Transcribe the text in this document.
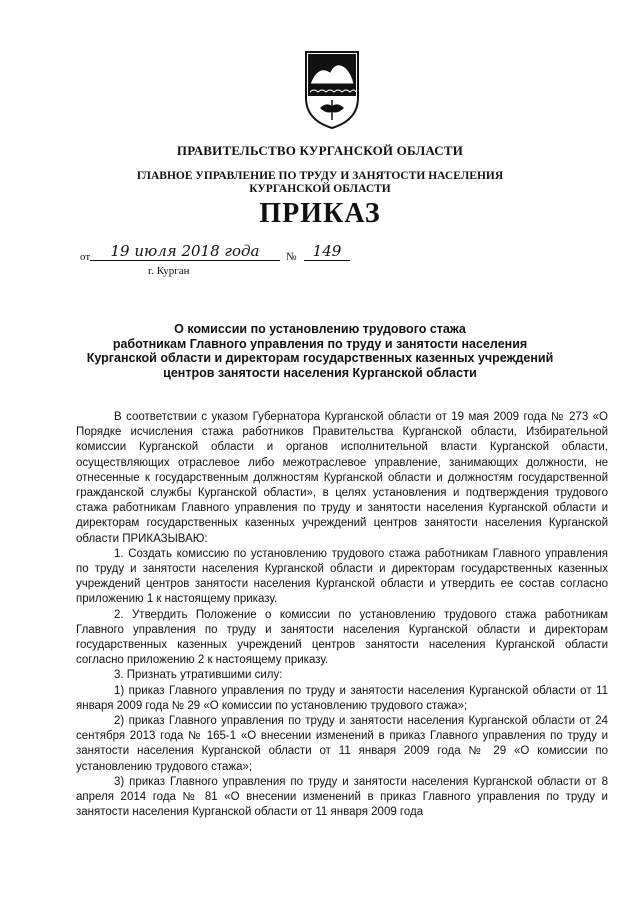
ПРАВИТЕЛЬСТВО КУРГАНСКОЙ ОБЛАСТИ
ГЛАВНОЕ УПРАВЛЕНИЕ ПО ТРУДУ И ЗАНЯТОСТИ НАСЕЛЕНИЯ
КУРГАНСКОЙ ОБЛАСТИ
ПРИКАЗ
от	19 июля 2018 года	№	149
г. Курган
О комиссии по установлению трудового стажа
работникам Главного управления по труду и занятости населения
Курганской области и директорам государственных казенных учреждений
центров занятости населения Курганской области

В соответствии с указом Губернатора Курганской области от 19 мая 2009 года № 273 «О Порядке исчисления стажа работников Правительства Курганской области, Избирательной комиссии Курганской области и органов исполнительной власти Курганской области, осуществляющих отраслевое либо межотраслевое управление, занимающих должности, не отнесенные к государственным должностям Курганской области и должностям государственной гражданской службы Курганской области», в целях установления и подтверждения трудового стажа работникам Главного управления по труду и занятости населения Курганской области и директорам государственных казенных учреждений центров занятости населения Курганской области ПРИКАЗЫВАЮ:

1. Создать комиссию по установлению трудового стажа работникам Главного управления по труду и занятости населения Курганской области и директорам государственных казенных учреждений центров занятости населения Курганской области и утвердить ее состав согласно приложению 1 к настоящему приказу.

2. Утвердить Положение о комиссии по установлению трудового стажа работникам Главного управления по труду и занятости населения Курганской области и директорам государственных казенных учреждений центров занятости населения Курганской области согласно приложению 2 к настоящему приказу.

3. Признать утратившими силу:

1) приказ Главного управления по труду и занятости населения Курганской области от 11 января 2009 года № 29 «О комиссии по установлению трудового стажа»;

2) приказ Главного управления по труду и занятости населения Курганской области от 24 сентября 2013 года № 165-1 «О внесении изменений в приказ Главного управления по труду и занятости населения Курганской области от 11 января 2009 года № 29 «О комиссии по установлению трудового стажа»;

3) приказ Главного управления по труду и занятости населения Курганской области от 8 апреля 2014 года № 81 «О внесении изменений в приказ Главного управления по труду и занятости населения Курганской области от 11 января 2009 года
